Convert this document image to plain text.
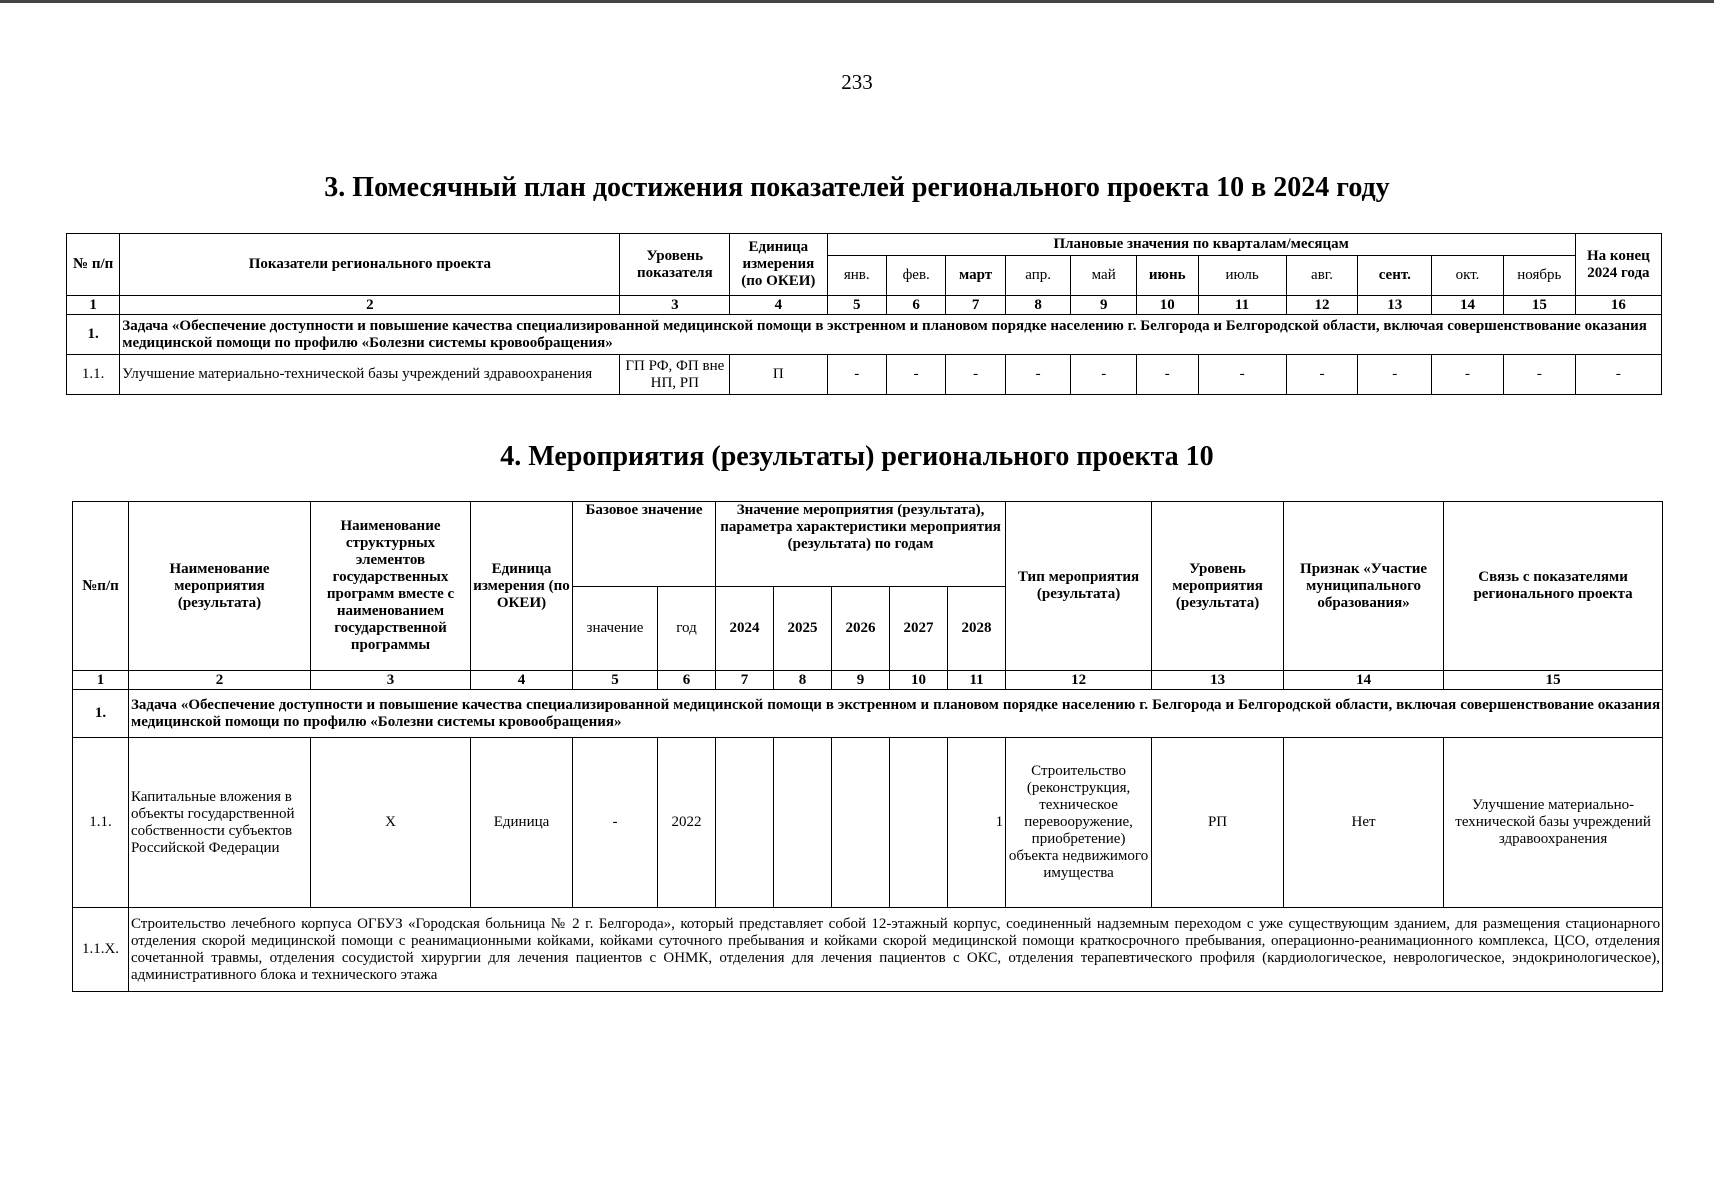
233
3. Помесячный план достижения показателей регионального проекта 10 в 2024 году
№ п/п	Показатели регионального проекта	Уровень показателя	Единица измерения (по ОКЕИ)	Плановые значения по кварталам/месяцам											На конец 2024 года
				янв.	фев.	март	апр.	май	июнь	июль	авг.	сент.	окт.	ноябрь	
1	2	3	4	5	6	7	8	9	10	11	12	13	14	15	16
1.	Задача «Обеспечение доступности и повышение качества специализированной медицинской помощи в экстренном и плановом порядке населению г. Белгорода и Белгородской области, включая совершенствование оказания медицинской помощи по профилю «Болезни системы кровообращения»														
1.1.	Улучшение материально-технической базы учреждений здравоохранения	ГП РФ, ФП вне НП, РП	П	-	-	-	-	-	-	-	-	-	-	-	-
4. Мероприятия (результаты) регионального проекта 10
№п/п	Наименование мероприятия (результата)	Наименование структурных элементов государственных программ вместе с наименованием государственной программы	Единица измерения (по ОКЕИ)	Базовое значение		Значение мероприятия (результата), параметра характеристики мероприятия (результата) по годам					Тип мероприятия (результата)	Уровень мероприятия (результата)	Признак «Участие муниципального образования»	Связь с показателями регионального проекта
				значение	год	2024	2025	2026	2027	2028				
1	2	3	4	5	6	7	8	9	10	11	12	13	14	15
1.	Задача «Обеспечение доступности и повышение качества специализированной медицинской помощи в экстренном и плановом порядке населению г. Белгорода и Белгородской области, включая совершенствование оказания медицинской помощи по профилю «Болезни системы кровообращения»													
1.1.	Капитальные вложения в объекты государственной собственности субъектов Российской Федерации	Х	Единица	-	2022					1	Строительство (реконструкция, техническое перевооружение, приобретение) объекта недвижимого имущества	РП	Нет	Улучшение материально-технической базы учреждений здравоохранения
1.1.Х.	Строительство лечебного корпуса ОГБУЗ «Городская больница № 2 г. Белгорода», который представляет собой 12-этажный корпус, соединенный надземным переходом с уже существующим зданием, для размещения стационарного отделения скорой медицинской помощи с реанимационными койками, койками суточного пребывания и койками скорой медицинской помощи краткосрочного пребывания, операционно-реанимационного комплекса, ЦСО, отделения сочетанной травмы, отделения сосудистой хирургии для лечения пациентов с ОНМК, отделения для лечения пациентов с ОКС, отделения терапевтического профиля (кардиологическое, неврологическое, эндокринологическое), административного блока и технического этажа													
